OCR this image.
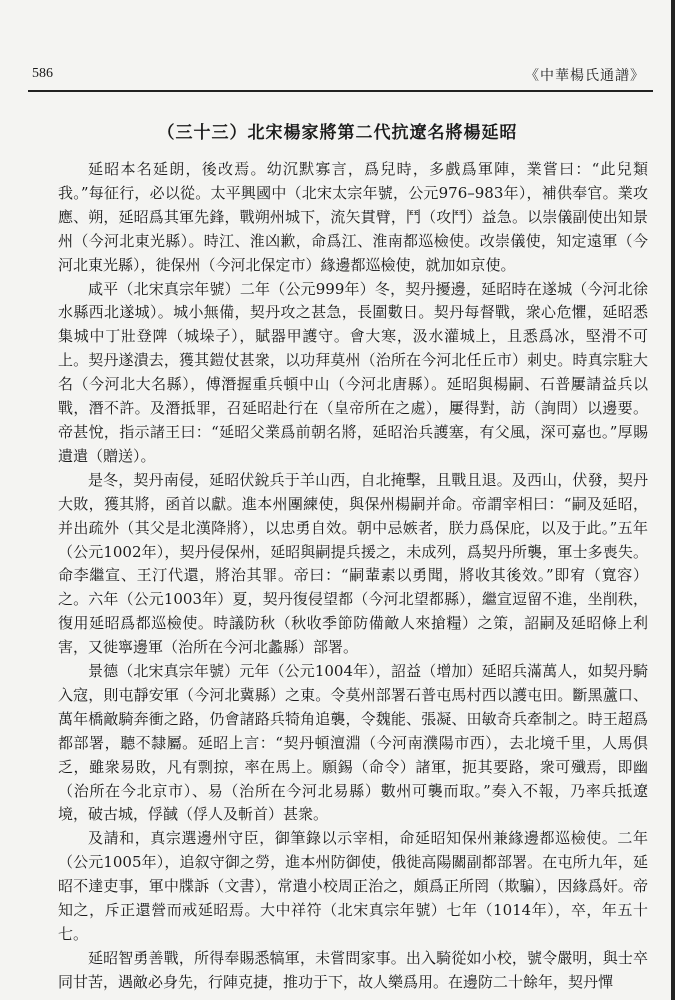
586	《中華楊氏通譜》
（三十三）北宋楊家將第二代抗遼名將楊延昭

延昭本名延朗，後改焉。幼沉默寡言，爲兒時，多戲爲軍陣，業嘗曰：“此兒類我。”每征行，必以從。太平興國中（北宋太宗年號，公元976–983年），補供奉官。業攻應、朔，延昭爲其軍先鋒，戰朔州城下，流矢貫臂，鬥（攻鬥）益急。以崇儀副使出知景州（今河北東光縣）。時江、淮凶歉，命爲江、淮南都巡檢使。改崇儀使，知定遠軍（今河北東光縣），徙保州（今河北保定市）緣邊都巡檢使，就加如京使。

咸平（北宋真宗年號）二年（公元999年）冬，契丹擾邊，延昭時在遂城（今河北徐水縣西北遂城）。城小無備，契丹攻之甚急，長圍數日。契丹每督戰，衆心危懼，延昭悉集城中丁壯登陴（城垛子），賦器甲護守。會大寒，汲水灌城上，且悉爲冰，堅滑不可上。契丹遂潰去，獲其鎧仗甚衆，以功拜莫州（治所在今河北任丘市）刺史。時真宗駐大名（今河北大名縣），傅潛握重兵頓中山（今河北唐縣）。延昭與楊嗣、石普屢請益兵以戰，潛不許。及潛抵罪，召延昭赴行在（皇帝所在之處），屢得對，訪（詢問）以邊要。帝甚悅，指示諸王曰：“延昭父業爲前朝名將，延昭治兵護塞，有父風，深可嘉也。”厚賜遺遣（贈送）。

是冬，契丹南侵，延昭伏銳兵于羊山西，自北掩擊，且戰且退。及西山，伏發，契丹大敗，獲其將，函首以獻。進本州團練使，與保州楊嗣并命。帝謂宰相曰：“嗣及延昭，并出疏外（其父是北漢降將），以忠勇自效。朝中忌嫉者，朕力爲保庇，以及于此。”五年（公元1002年），契丹侵保州，延昭與嗣提兵援之，未成列，爲契丹所襲，軍士多喪失。命李繼宣、王汀代還，將治其罪。帝曰：“嗣輩素以勇聞，將收其後效。”即宥（寬容）之。六年（公元1003年）夏，契丹復侵望都（今河北望都縣），繼宣逗留不進，坐削秩，復用延昭爲都巡檢使。時議防秋（秋收季節防備敵人來搶糧）之策，詔嗣及延昭條上利害，又徙寧邊軍（治所在今河北蠡縣）部署。

景德（北宋真宗年號）元年（公元1004年），詔益（增加）延昭兵滿萬人，如契丹騎入寇，則屯靜安軍（今河北冀縣）之東。令莫州部署石普屯馬村西以護屯田。斷黑蘆口、萬年橋敵騎奔衝之路，仍會諸路兵犄角追襲，令魏能、張凝、田敏奇兵牽制之。時王超爲都部署，聽不隸屬。延昭上言：“契丹頓澶淵（今河南濮陽市西），去北境千里，人馬俱乏，雖衆易敗，凡有剽掠，率在馬上。願錫（命令）諸軍，扼其要路，衆可殲焉，即幽（治所在今北京市）、易（治所在今河北易縣）數州可襲而取。”奏入不報，乃率兵抵遼境，破古城，俘馘（俘人及斬首）甚衆。

及請和，真宗選邊州守臣，御筆錄以示宰相，命延昭知保州兼緣邊都巡檢使。二年（公元1005年），追叙守御之勞，進本州防御使，俄徙高陽關副都部署。在屯所九年，延昭不達吏事，軍中牒訴（文書），常遣小校周正治之，頗爲正所罔（欺騙），因緣爲奸。帝知之，斥正還營而戒延昭焉。大中祥符（北宋真宗年號）七年（1014年），卒，年五十七。

延昭智勇善戰，所得奉賜悉犒軍，未嘗問家事。出入騎從如小校，號令嚴明，與士卒同甘苦，遇敵必身先，行陣克捷，推功于下，故人樂爲用。在邊防二十餘年，契丹憚
